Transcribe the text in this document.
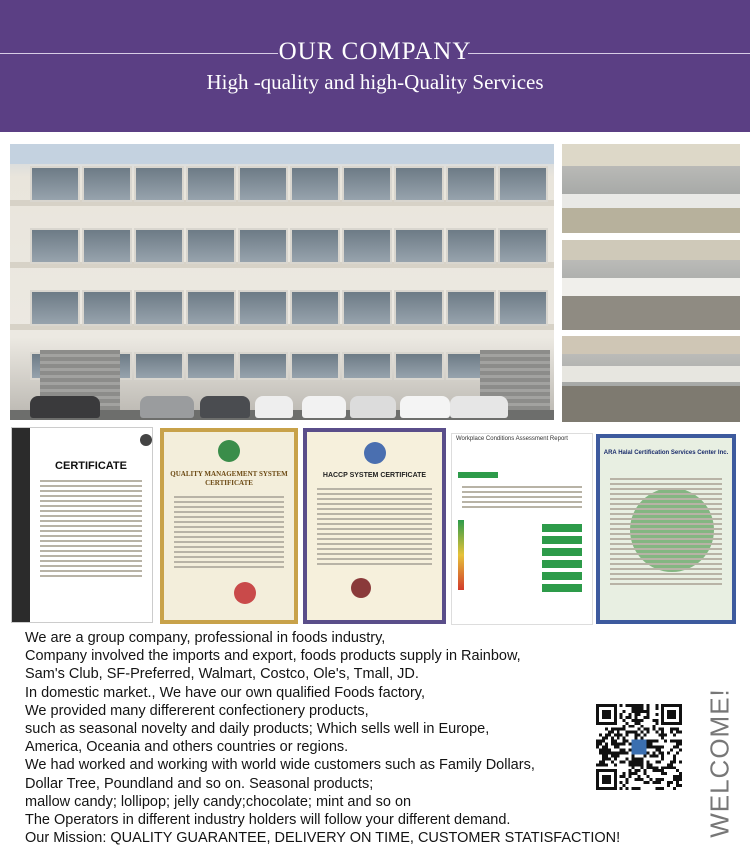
OUR COMPANY
High -quality and high-Quality Services
CERTIFICATE
QUALITY MANAGEMENT SYSTEM CERTIFICATE
HACCP SYSTEM CERTIFICATE
Workplace Conditions Assessment Report
ARA Halal Certification Services Center Inc.
We are a group company, professional in foods industry,
Company involved the imports and export, foods products supply in Rainbow,
Sam's Club, SF-Preferred, Walmart, Costco, Ole's, Tmall, JD.
In domestic market., We have our own qualified Foods factory,
We provided many differerent confectionery products,
such as seasonal novelty and daily products; Which sells well in Europe,
America, Oceania and others countries or regions.
We had worked and working with world wide customers such as Family Dollars,
Dollar Tree, Poundland and so on. Seasonal products;
mallow candy; lollipop; jelly candy;chocolate; mint and so on
The Operators in different industry holders will follow your different demand.
Our Mission: QUALITY GUARANTEE, DELIVERY ON TIME, CUSTOMER STATISFACTION!
WELCOME!
